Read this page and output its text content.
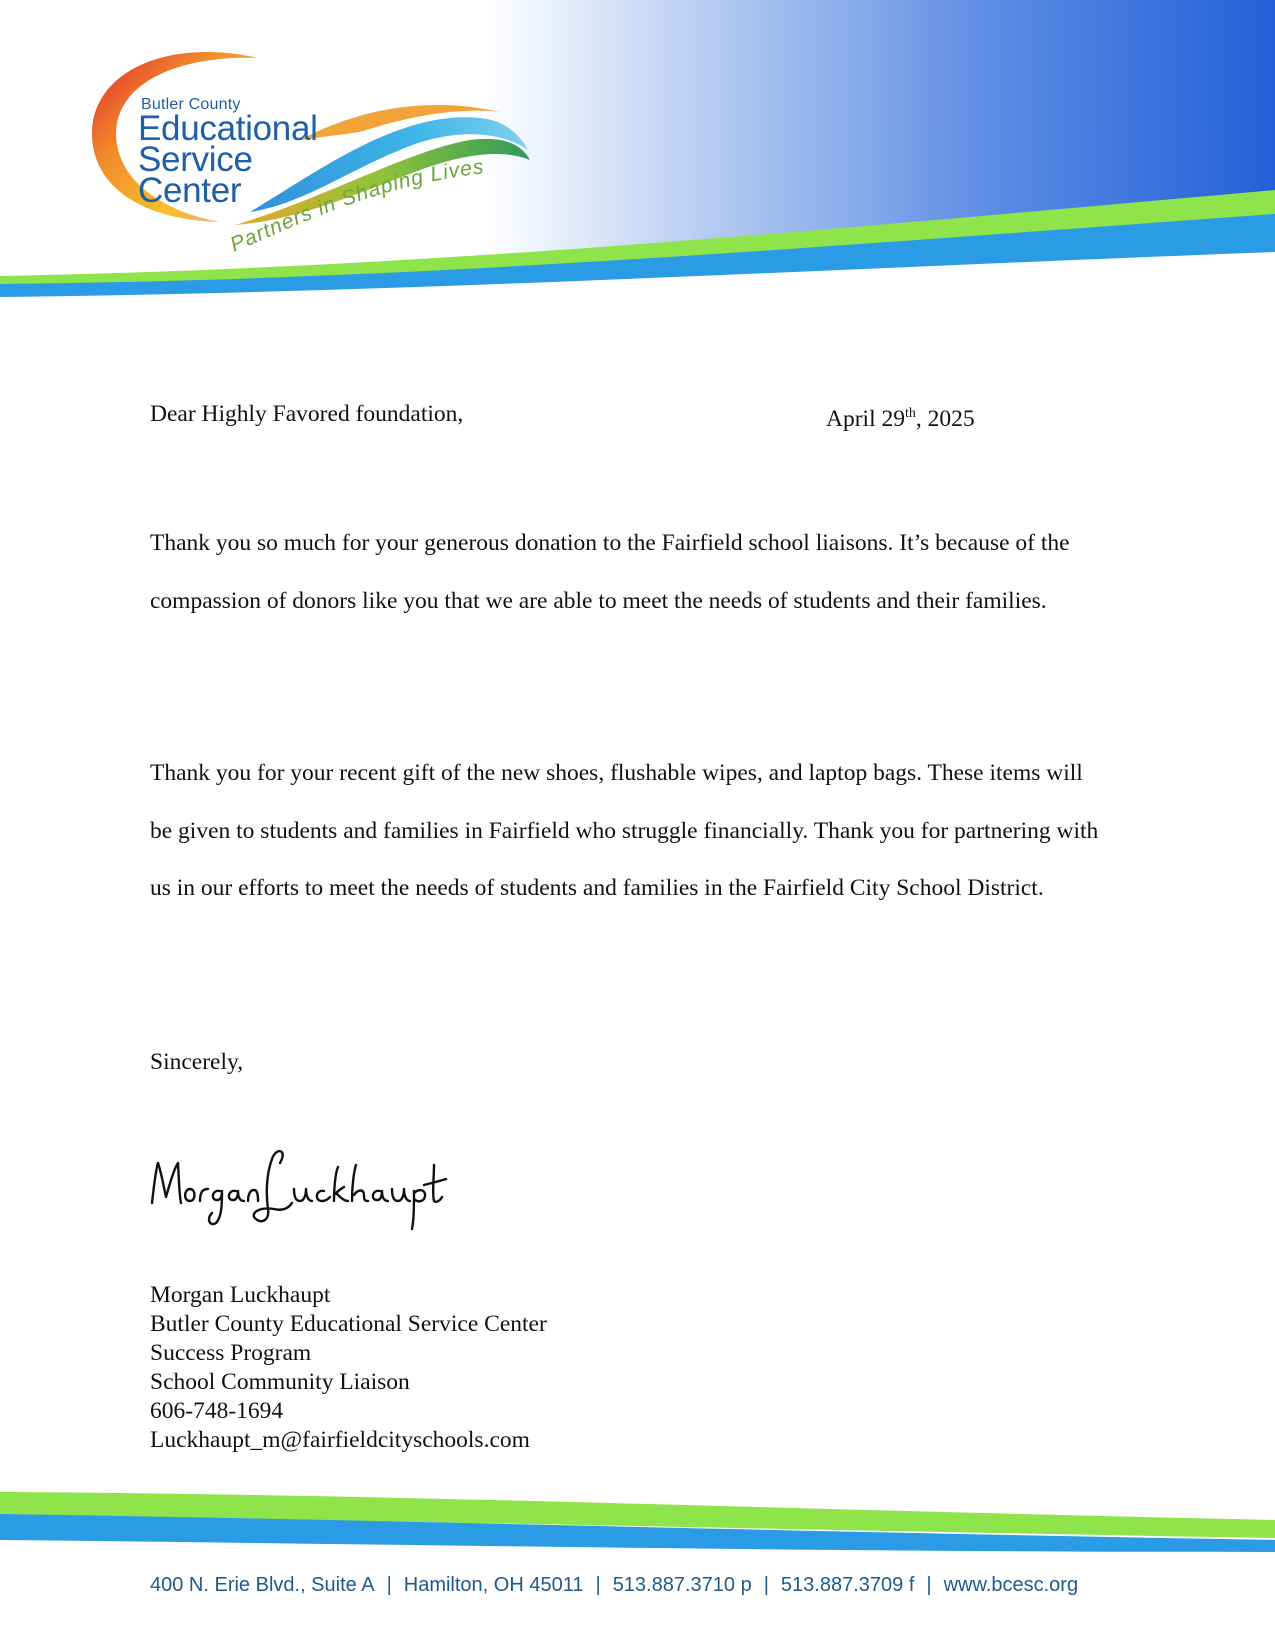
Butler County
Educational
Service
Center
Partners in Shaping Lives
Dear Highly Favored foundation,	April 29th, 2025

Thank you so much for your generous donation to the Fairfield school liaisons. It’s because of the compassion of donors like you that we are able to meet the needs of students and their families.

Thank you for your recent gift of the new shoes, flushable wipes, and laptop bags. These items will be given to students and families in Fairfield who struggle financially. Thank you for partnering with us in our efforts to meet the needs of students and families in the Fairfield City School District.

Sincerely,
Morgan Luckhaupt
Butler County Educational Service Center
Success Program
School Community Liaison
606-748-1694
Luckhaupt_m@fairfieldcityschools.com
400 N. Erie Blvd., Suite A | Hamilton, OH 45011 | 513.887.3710 p | 513.887.3709 f | www.bcesc.org
